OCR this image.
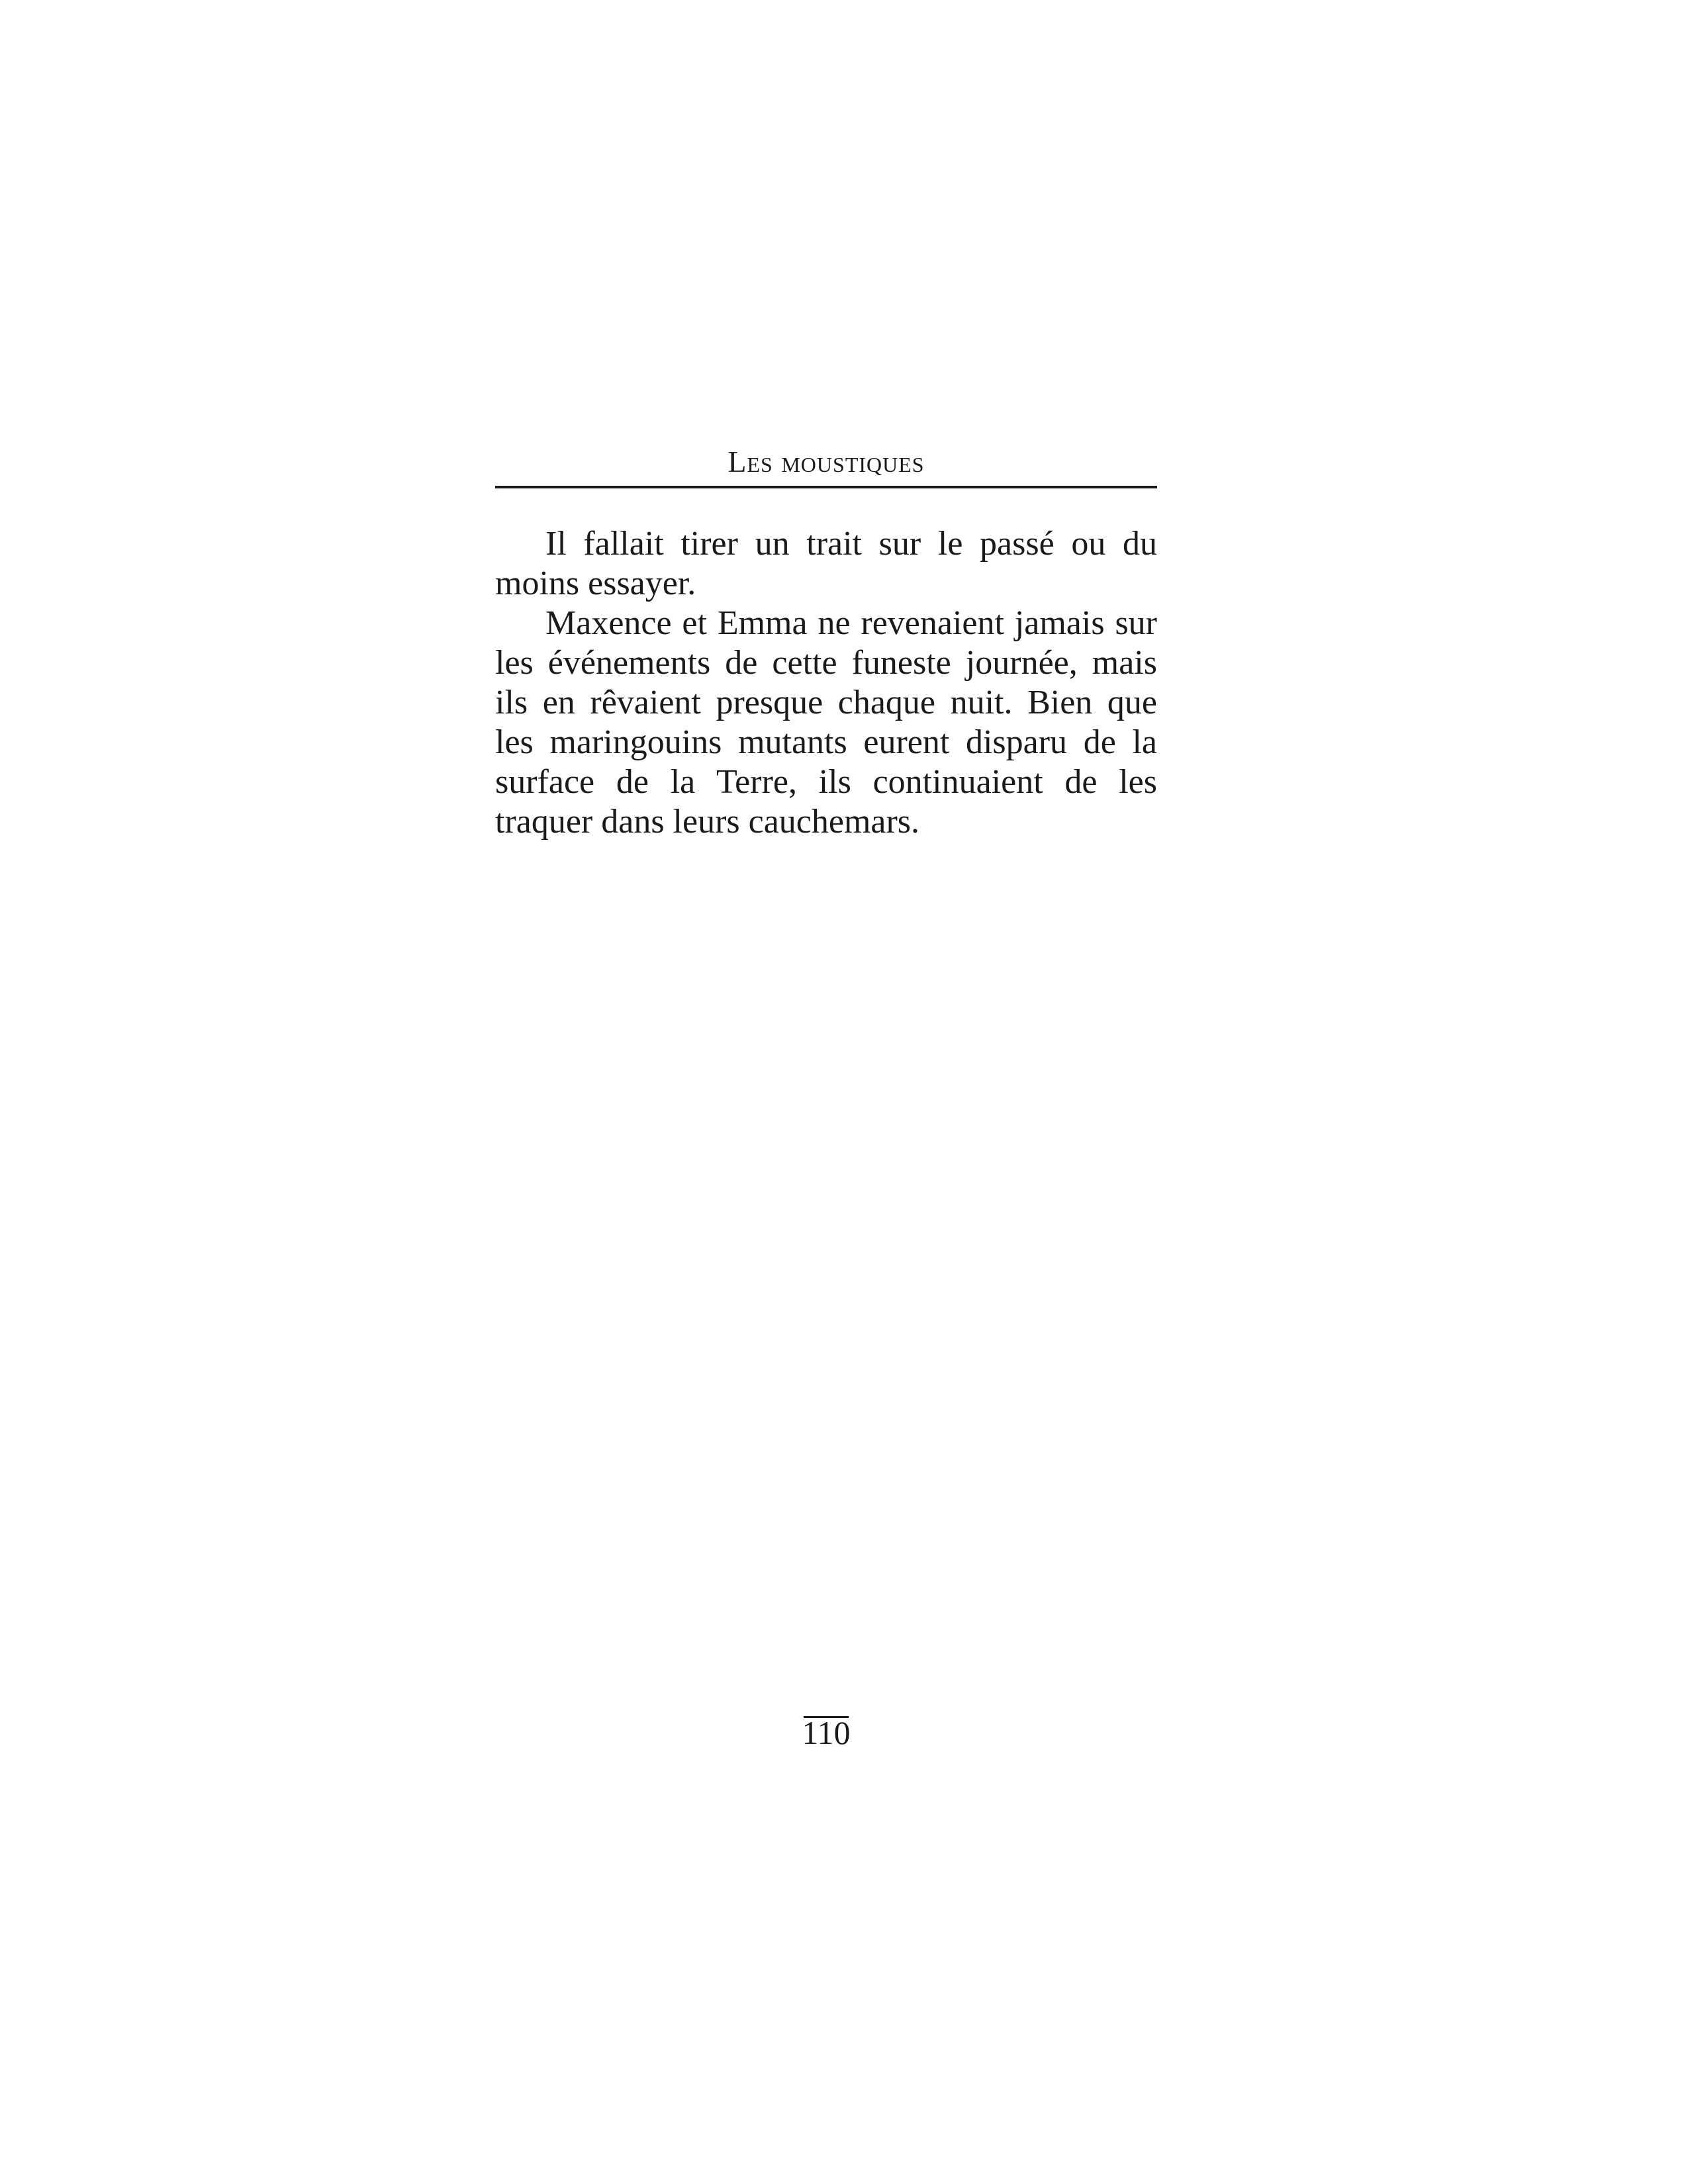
Les moustiques

Il fallait tirer un trait sur le passé ou du moins essayer.

Maxence et Emma ne revenaient jamais sur les événements de cette funeste journée, mais ils en rêvaient presque chaque nuit. Bien que les maringouins mutants eurent disparu de la surface de la Terre, ils continuaient de les traquer dans leurs cauchemars.

110
